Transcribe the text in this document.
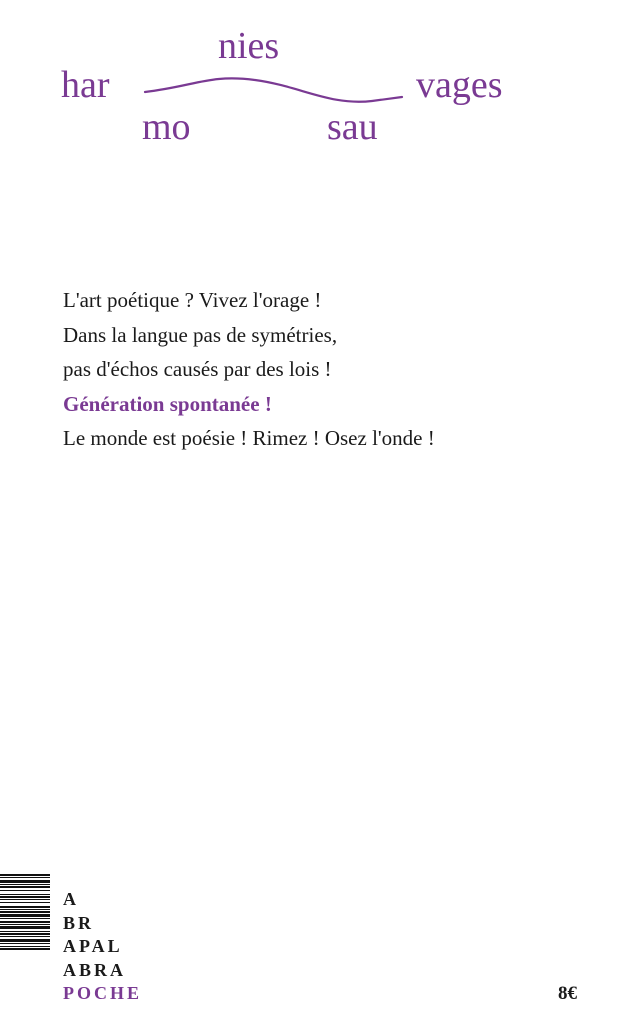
har
nies
mo	sau
vages
L'art poétique ? Vivez l'orage !
Dans la langue pas de symétries,
pas d'échos causés par des lois !
Génération spontanée !
Le monde est poésie ! Rimez ! Osez l'onde !
A
BR
APAL
ABRA
POCHE	8€
